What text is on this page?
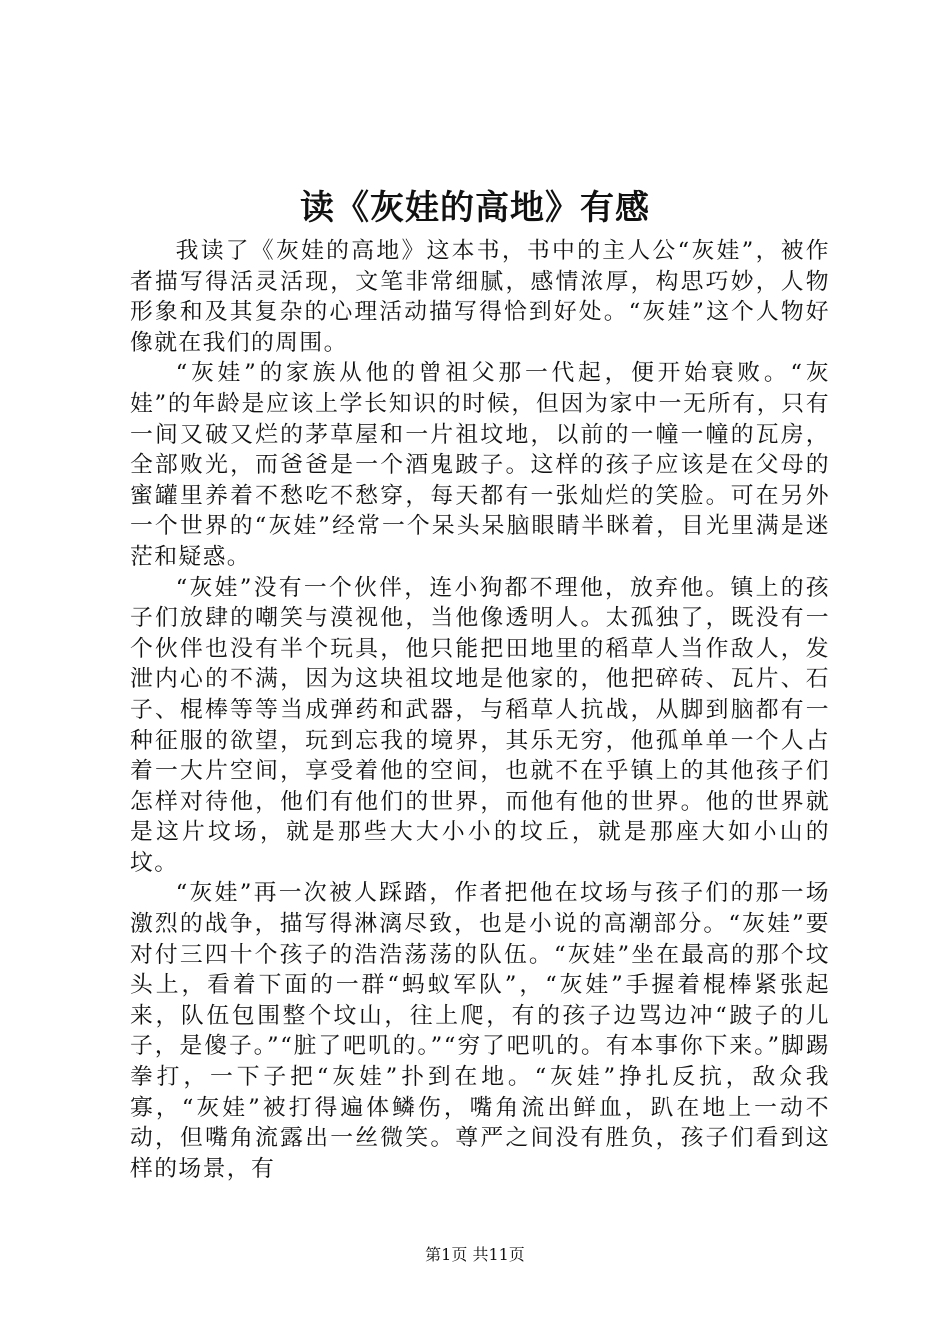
读《灰娃的高地》有感

我读了《灰娃的高地》这本书，书中的主人公“灰娃”，被作者描写得活灵活现，文笔非常细腻，感情浓厚，构思巧妙，人物形象和及其复杂的心理活动描写得恰到好处。“灰娃”这个人物好像就在我们的周围。

“灰娃”的家族从他的曾祖父那一代起，便开始衰败。“灰娃”的年龄是应该上学长知识的时候，但因为家中一无所有，只有一间又破又烂的茅草屋和一片祖坟地，以前的一幢一幢的瓦房，全部败光，而爸爸是一个酒鬼跛子。这样的孩子应该是在父母的蜜罐里养着不愁吃不愁穿，每天都有一张灿烂的笑脸。可在另外一个世界的“灰娃”经常一个呆头呆脑眼睛半眯着，目光里满是迷茫和疑惑。

“灰娃”没有一个伙伴，连小狗都不理他，放弃他。镇上的孩子们放肆的嘲笑与漠视他，当他像透明人。太孤独了，既没有一个伙伴也没有半个玩具，他只能把田地里的稻草人当作敌人，发泄内心的不满，因为这块祖坟地是他家的，他把碎砖、瓦片、石子、棍棒等等当成弹药和武器，与稻草人抗战，从脚到脑都有一种征服的欲望，玩到忘我的境界，其乐无穷，他孤单单一个人占着一大片空间，享受着他的空间，也就不在乎镇上的其他孩子们怎样对待他，他们有他们的世界，而他有他的世界。他的世界就是这片坟场，就是那些大大小小的坟丘，就是那座大如小山的坟。

“灰娃”再一次被人踩踏，作者把他在坟场与孩子们的那一场激烈的战争，描写得淋漓尽致，也是小说的高潮部分。“灰娃”要对付三四十个孩子的浩浩荡荡的队伍。“灰娃”坐在最高的那个坟头上，看着下面的一群“蚂蚁军队”，“灰娃”手握着棍棒紧张起来，队伍包围整个坟山，往上爬，有的孩子边骂边冲“跛子的儿子，是傻子。”“脏了吧叽的。”“穷了吧叽的。有本事你下来。”脚踢拳打，一下子把“灰娃”扑到在地。“灰娃”挣扎反抗，敌众我寡，“灰娃”被打得遍体鳞伤，嘴角流出鲜血，趴在地上一动不动，但嘴角流露出一丝微笑。尊严之间没有胜负，孩子们看到这样的场景，有

第1页 共11页
